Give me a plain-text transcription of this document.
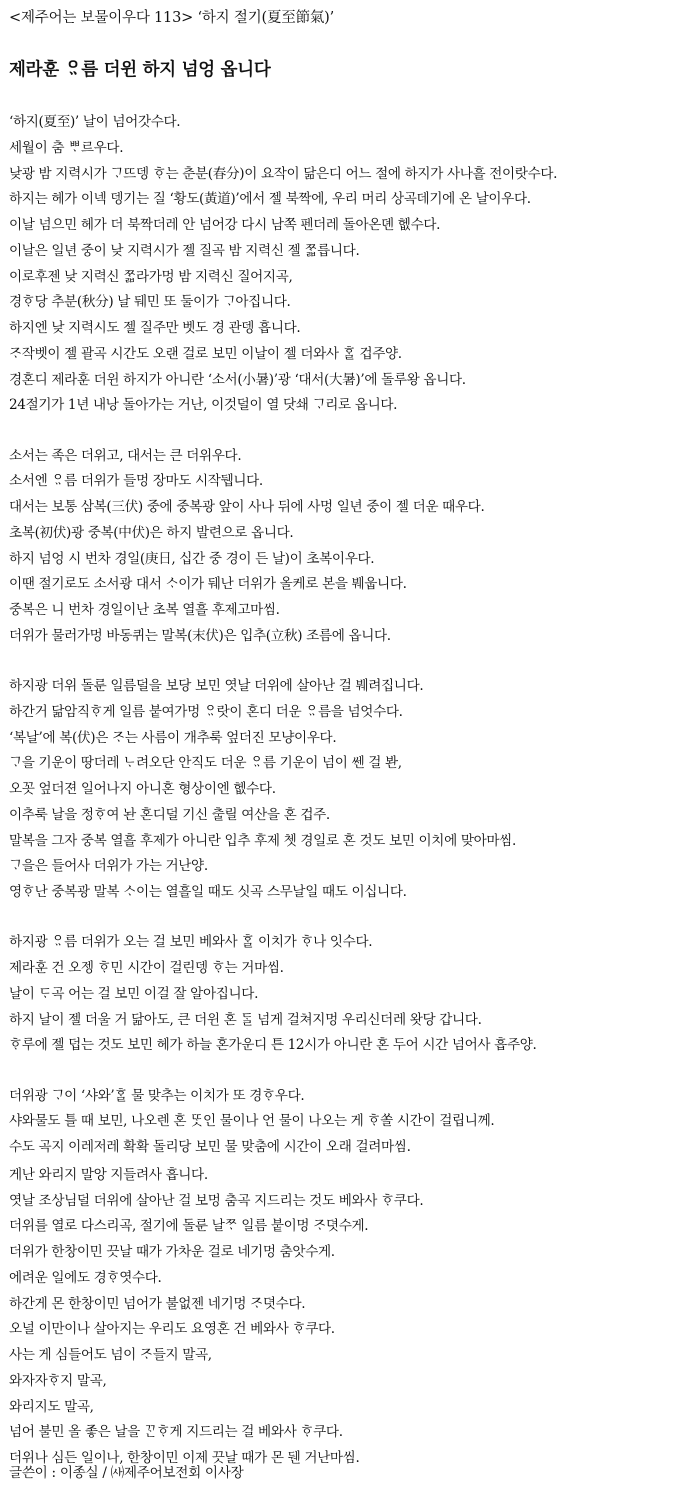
<제주어는 보물이우다 113> ‘하지 절기(夏至節氣)’
제라훈 ᄋᆢ름 더윈 하지 넘엉 옵니다
‘하지(夏至)’ 날이 넘어갓수다.
세월이 춤 ᄈᆞ르우다.
낮광 밤 지력시가 ᄀᆞ뜨뎅 ᄒᆞ는 춘분(春分)이 요작이 닮은디 어느 절에 하지가 사나흘 전이랏수다.
하지는 헤가 이넥 뎅기는 질 ‘황도(黃道)’에서 젤 북짝에, 우리 머리 상곡데기에 온 날이우다.
이날 넘으민 헤가 더 북짝더레 안 넘어강 다시 남쪽 펜더레 돌아온뎬 헶수다.
이날은 일년 중이 낮 지력시가 젤 질곡 밤 지력신 젤 ᄍᆞᆲ릅니다.
이로후젠 낮 지력신 ᄍᆞᆲ라가멍 밤 지력신 질어지곡,
경ᄒᆞ당 추분(秋分) 날 뒈민 또 둘이가 ᄀᆞ아집니다.
하지엔 낮 지력시도 젤 질주만 벳도 경 관뎅 흡니다.
ᄌᆞ작벳이 젤 괄곡 시간도 오랜 걸로 보민 이날이 젤 더와사 ᄒᆞᆯ 겁주양.
경혼디 제라훈 더윈 하지가 아니란 ‘소서(小暑)’광 ‘대서(大暑)’에 돌루왕 옵니다.
24절기가 1년 내낭 돌아가는 거난, 이것덜이 열 닷쇄 ᄀᆞ리로 옵니다.
소서는 족은 더위고, 대서는 큰 더위우다.
소서엔 ᄋᆢ름 더위가 들멍 장마도 시작뒙니다.
대서는 보통 삼복(三伏) 중에 중복광 앞이 사나 뒤에 사멍 일년 중이 젤 더운 때우다.
초복(初伏)광 중복(中伏)은 하지 발련으로 옵니다.
하지 넘엉 시 번차 경일(庚日, 십간 중 경이 든 날)이 초복이우다.
이땐 절기로도 소서광 대서 ᄉᆞ이가 뒈난 더위가 올케로 본을 붸웁니다.
중복은 니 번차 경일이난 초복 열흘 후제고마씸.
더위가 물러가멍 바동퀴는 말복(末伏)은 입추(立秋) 조름에 옵니다.
하지광 더위 돌룬 일름덜을 보당 보민 엿날 더위에 살아난 걸 붸려집니다.
하간거 닮암직ᄒᆞ게 일름 붙여가멍 ᄋᆢ랏이 혼디 더운 ᄋᆢ름을 넘엇수다.
‘복날’에 복(伏)은 ᄌᆞ는 사름이 개추룩 엎더진 모냥이우다.
ᄀᆞ을 기운이 땅더레 ᄂᆞ려오단 안직도 더운 ᄋᆢ름 기운이 넘이 쎈 걸 봔,
오꼿 엎더젼 일어나지 아니혼 형상이엔 헶수다.
이추룩 날을 정ᄒᆞ여 놘 혼디덜 기신 출릴 여산을 혼 겁주.
말복을 그자 중복 열흘 후제가 아니란 입추 후제 쳇 경일로 혼 것도 보민 이치에 맞아마씸.
ᄀᆞ을은 들어사 더위가 가는 거난양.
영ᄒᆞ난 중복광 말복 ᄉᆞ이는 열흘일 때도 싯곡 스무날일 때도 이십니다.
하지광 ᄋᆢ름 더위가 오는 걸 보민 베와사 ᄒᆞᆯ 이치가 ᄒᆞ나 잇수다.
제라훈 건 오젱 ᄒᆞ민 시간이 걸린뎅 ᄒᆞ는 거마씸.
날이 ᄃᆞ곡 어는 걸 보민 이걸 잘 알아집니다.
하지 날이 젤 더울 거 닮아도, 큰 더윈 혼 ᄃᆞᆯ 넘게 걸쳐지멍 우리신더레 왓당 갑니다.
ᄒᆞ루에 젤 덥는 것도 보민 헤가 하늘 혼가운디 튼 12시가 아니란 혼 두어 시간 넘어사 흡주양.
더위광 ᄀᆞ이 ‘샤와’ᄒᆞᆯ 물 맞추는 이치가 또 경ᄒᆞ우다.
샤와물도 틀 때 보민, 나오렌 혼 ᄄᆞᆺ인 물이나 언 물이 나오는 게 ᄒᆞ쏠 시간이 걸립니께.
수도 곡지 이레저레 확확 돌리당 보민 물 맞춤에 시간이 오래 걸려마씸.
게난 와리지 말앙 지들려사 흡니다.
엿날 조상님덜 더위에 살아난 걸 보멍 춤곡 지드리는 것도 베와사 ᄒᆞ쿠다.
더위를 열로 다스리곡, 절기에 돌룬 날ᄍᆞ 일름 붙이멍 ᄌᆞ뎟수게.
더위가 한창이민 끗날 때가 가차운 걸로 네기멍 춤앗수게.
에려운 일에도 경ᄒᆞ엿수다.
하간게 몬 한창이민 넘어가 불없젠 네기멍 ᄌᆞ뎟수다.
오널 이만이나 살아지는 우리도 요영혼 건 베와사 ᄒᆞ쿠다.
사는 게 심들어도 넘이 ᄌᆞ들지 말곡,
와자자ᄒᆞ지 말곡,
와리지도 말곡,
넘어 불민 올 좋은 날을 ᄁᆞᆫᄒᆞ게 지드리는 걸 베와사 ᄒᆞ쿠다.
더위나 심든 일이나, 한창이민 이제 끗날 때가 몬 뒌 거난마씸.
글쓴이 : 이종실 / ㈔제주어보전회 이사장
